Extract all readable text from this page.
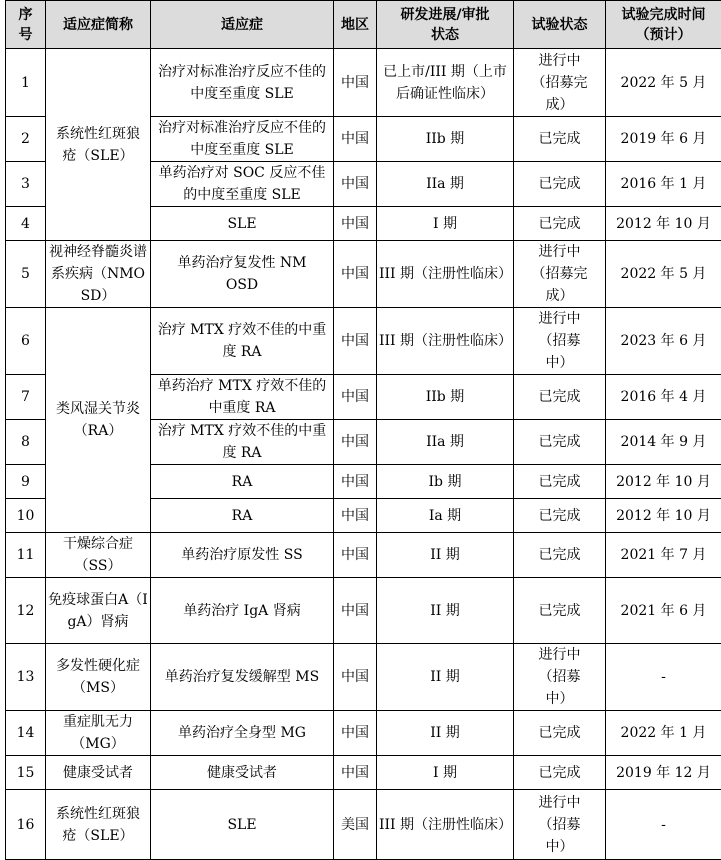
序号	适应症简称	适应症	地区	研发进展/审批状态	试验状态	试验完成时间（预计）
1	系统性红斑狼疮（SLE）	治疗对标准治疗反应不佳的中度至重度 SLE	中国	已上市/III 期（上市后确证性临床）	进行中（招募完成）	2022 年 5 月
2		治疗对标准治疗反应不佳的中度至重度 SLE	中国	IIb 期	已完成	2019 年 6 月
3		单药治疗对 SOC 反应不佳的中度至重度 SLE	中国	IIa 期	已完成	2016 年 1 月
4		SLE	中国	I 期	已完成	2012 年 10 月
5	视神经脊髓炎谱系疾病（NMOSD）	单药治疗复发性 NMOSD	中国	III 期（注册性临床）	进行中（招募完成）	2022 年 5 月
6	类风湿关节炎（RA）	治疗 MTX 疗效不佳的中重度 RA	中国	III 期（注册性临床）	进行中（招募中）	2023 年 6 月
7		单药治疗 MTX 疗效不佳的中重度 RA	中国	IIb 期	已完成	2016 年 4 月
8		治疗 MTX 疗效不佳的中重度 RA	中国	IIa 期	已完成	2014 年 9 月
9		RA	中国	Ib 期	已完成	2012 年 10 月
10		RA	中国	Ia 期	已完成	2012 年 10 月
11	干燥综合症（SS）	单药治疗原发性 SS	中国	II 期	已完成	2021 年 7 月
12	免疫球蛋白A（IgA）肾病	单药治疗 IgA 肾病	中国	II 期	已完成	2021 年 6 月
13	多发性硬化症（MS）	单药治疗复发缓解型 MS	中国	II 期	进行中（招募中）	-
14	重症肌无力（MG）	单药治疗全身型 MG	中国	II 期	已完成	2022 年 1 月
15	健康受试者	健康受试者	中国	I 期	已完成	2019 年 12 月
16	系统性红斑狼疮（SLE）	SLE	美国	III 期（注册性临床）	进行中（招募中）	-
